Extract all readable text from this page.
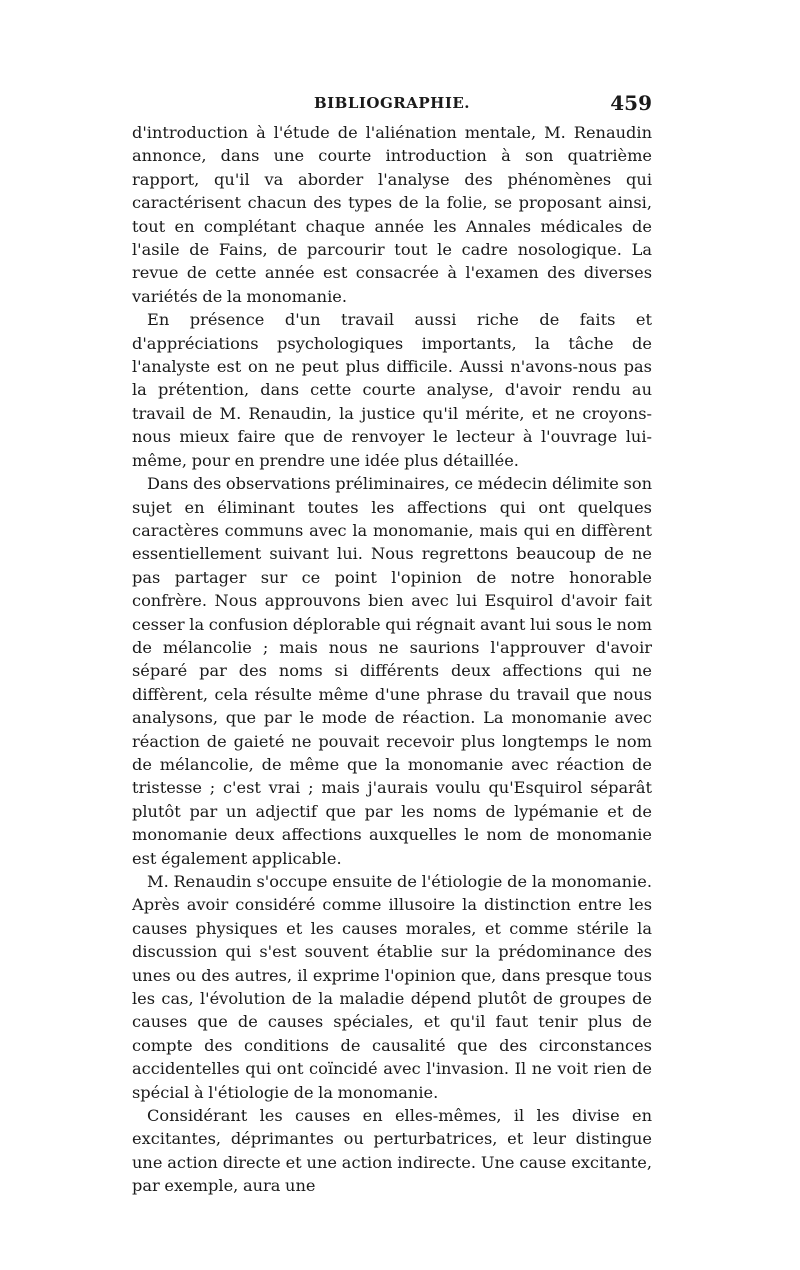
BIBLIOGRAPHIE.	459

d'introduction à l'étude de l'aliénation mentale, M. Renaudin annonce, dans une courte introduction à son quatrième rapport, qu'il va aborder l'analyse des phénomènes qui caractérisent chacun des types de la folie, se proposant ainsi, tout en complétant chaque année les Annales médicales de l'asile de Fains, de parcourir tout le cadre nosologique. La revue de cette année est consacrée à l'examen des diverses variétés de la monomanie.

En présence d'un travail aussi riche de faits et d'appréciations psychologiques importants, la tâche de l'analyste est on ne peut plus difficile. Aussi n'avons-nous pas la prétention, dans cette courte analyse, d'avoir rendu au travail de M. Renaudin, la justice qu'il mérite, et ne croyons-nous mieux faire que de renvoyer le lecteur à l'ouvrage lui-même, pour en prendre une idée plus détaillée.

Dans des observations préliminaires, ce médecin délimite son sujet en éliminant toutes les affections qui ont quelques caractères communs avec la monomanie, mais qui en diffèrent essentiellement suivant lui. Nous regrettons beaucoup de ne pas partager sur ce point l'opinion de notre honorable confrère. Nous approuvons bien avec lui Esquirol d'avoir fait cesser la confusion déplorable qui régnait avant lui sous le nom de mélancolie ; mais nous ne saurions l'approuver d'avoir séparé par des noms si différents deux affections qui ne diffèrent, cela résulte même d'une phrase du travail que nous analysons, que par le mode de réaction. La monomanie avec réaction de gaieté ne pouvait recevoir plus longtemps le nom de mélancolie, de même que la monomanie avec réaction de tristesse ; c'est vrai ; mais j'aurais voulu qu'Esquirol séparât plutôt par un adjectif que par les noms de lypémanie et de monomanie deux affections auxquelles le nom de monomanie est également applicable.

M. Renaudin s'occupe ensuite de l'étiologie de la monomanie. Après avoir considéré comme illusoire la distinction entre les causes physiques et les causes morales, et comme stérile la discussion qui s'est souvent établie sur la prédominance des unes ou des autres, il exprime l'opinion que, dans presque tous les cas, l'évolution de la maladie dépend plutôt de groupes de causes que de causes spéciales, et qu'il faut tenir plus de compte des conditions de causalité que des circonstances accidentelles qui ont coïncidé avec l'invasion. Il ne voit rien de spécial à l'étiologie de la monomanie.

Considérant les causes en elles-mêmes, il les divise en excitantes, déprimantes ou perturbatrices, et leur distingue une action directe et une action indirecte. Une cause excitante, par exemple, aura une
